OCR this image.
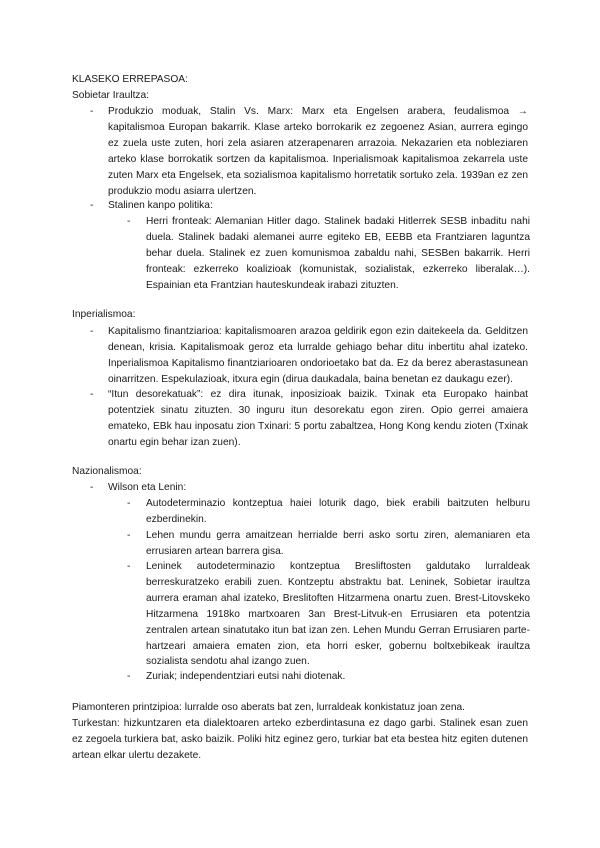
KLASEKO ERREPASOA:
Sobietar Iraultza:
-	Produkzio moduak, Stalin Vs. Marx: Marx eta Engelsen arabera, feudalismoa → kapitalismoa Europan bakarrik. Klase arteko borrokarik ez zegoenez Asian, aurrera egingo ez zuela uste zuten, hori zela asiaren atzerapenaren arrazoia. Nekazarien eta nobleziaren arteko klase borrokatik sortzen da kapitalismoa. Inperialismoak kapitalismoa zekarrela uste zuten Marx eta Engelsek, eta sozialismoa kapitalismo horretatik sortuko zela. 1939an ez zen produkzio modu asiarra ulertzen.
-	Stalinen kanpo politika:
-	Herri fronteak: Alemanian Hitler dago. Stalinek badaki Hitlerrek SESB inbaditu nahi duela. Stalinek badaki alemanei aurre egiteko EB, EEBB eta Frantziaren laguntza behar duela. Stalinek ez zuen komunismoa zabaldu nahi, SESBen bakarrik. Herri fronteak: ezkerreko koalizioak (komunistak, sozialistak, ezkerreko liberalak…). Espainian eta Frantzian hauteskundeak irabazi zituzten.
Inperialismoa:
-	Kapitalismo finantziarioa: kapitalismoaren arazoa geldirik egon ezin daitekeela da. Gelditzen denean, krisia. Kapitalismoak geroz eta lurralde gehiago behar ditu inbertitu ahal izateko. Inperialismoa Kapitalismo finantziarioaren ondorioetako bat da. Ez da berez aberastasunean oinarritzen. Espekulazioak, itxura egin (dirua daukadala, baina benetan ez daukagu ezer).
-	“Itun desorekatuak”: ez dira itunak, inposizioak baizik. Txinak eta Europako hainbat potentziek sinatu zituzten. 30 inguru itun desorekatu egon ziren. Opio gerrei amaiera emateko, EBk hau inposatu zion Txinari: 5 portu zabaltzea, Hong Kong kendu zioten (Txinak onartu egin behar izan zuen).
Nazionalismoa:
-	Wilson eta Lenin:
-	Autodeterminazio kontzeptua haiei loturik dago, biek erabili baitzuten helburu ezberdinekin.
-	Lehen mundu gerra amaitzean herrialde berri asko sortu ziren, alemaniaren eta errusiaren artean barrera gisa.
-	Leninek autodeterminazio kontzeptua Bresliftosten galdutako lurraldeak berreskuratzeko erabili zuen. Kontzeptu abstraktu bat. Leninek, Sobietar iraultza aurrera eraman ahal izateko, Breslitoften Hitzarmena onartu zuen. Brest-Litovskeko Hitzarmena 1918ko martxoaren 3an Brest-Litvuk-en Errusiaren eta potentzia zentralen artean sinatutako itun bat izan zen. Lehen Mundu Gerran Errusiaren parte-hartzeari amaiera ematen zion, eta horri esker, gobernu boltxebikeak iraultza sozialista sendotu ahal izango zuen.
-	Zuriak; independentziari eutsi nahi diotenak.
Piamonteren printzipioa: lurralde oso aberats bat zen, lurraldeak konkistatuz joan zena.
Turkestan: hizkuntzaren eta dialektoaren arteko ezberdintasuna ez dago garbi. Stalinek esan zuen ez zegoela turkiera bat, asko baizik. Poliki hitz eginez gero, turkiar bat eta bestea hitz egiten dutenen artean elkar ulertu dezakete.
